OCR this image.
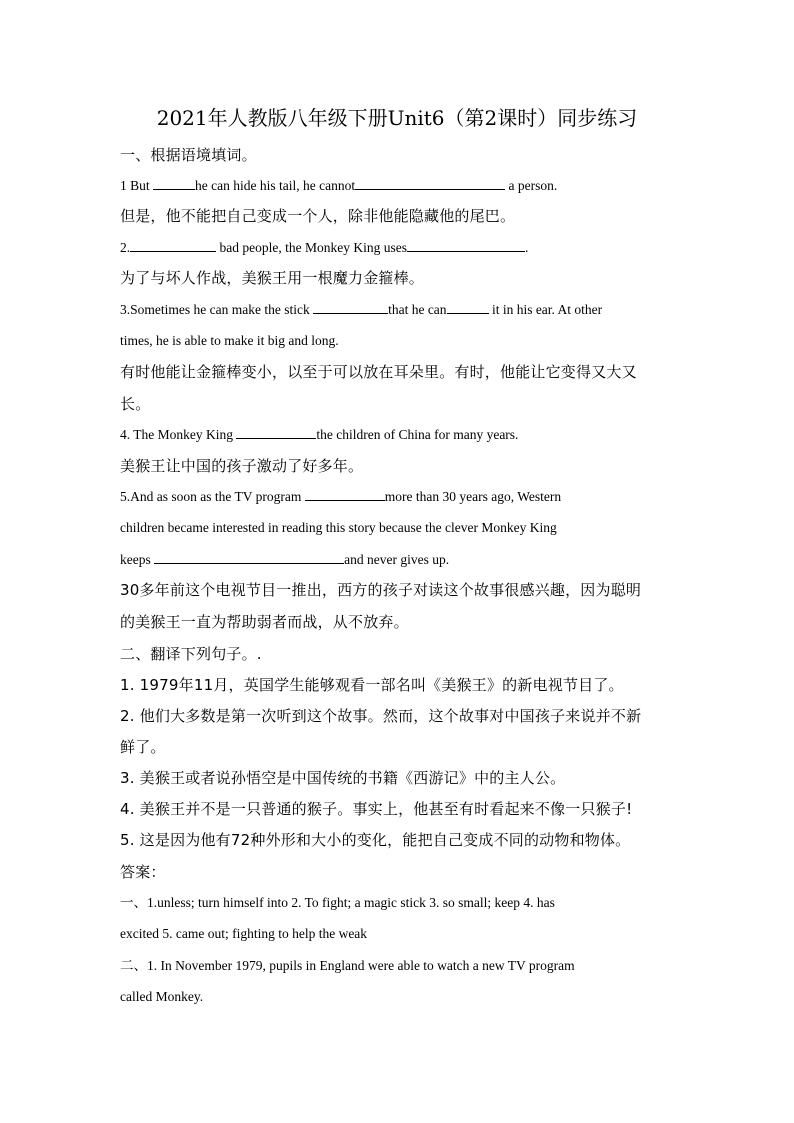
2021年人教版八年级下册Unit6（第2课时）同步练习
一、根据语境填词。
1 But	he can hide his tail, he cannot	a person.
但是，他不能把自己变成一个人，除非他能隐藏他的尾巴。
2.	bad people, the Monkey King uses	.
为了与坏人作战，美猴王用一根魔力金箍棒。
3.Sometimes he can make the stick	that he can	it in his ear. At other
times, he is able to make it big and long.
有时他能让金箍棒变小，以至于可以放在耳朵里。有时，他能让它变得又大又
长。
4. The Monkey King	the children of China for many years.
美猴王让中国的孩子激动了好多年。
5.And as soon as the TV program	more than 30 years ago, Western
children became interested in reading this story because the clever Monkey King
keeps	and never gives up.
30多年前这个电视节目一推出，西方的孩子对读这个故事很感兴趣，因为聪明
的美猴王一直为帮助弱者而战，从不放弃。
二、翻译下列句子。.
1. 1979年11月，英国学生能够观看一部名叫《美猴王》的新电视节目了。
2. 他们大多数是第一次听到这个故事。然而，这个故事对中国孩子来说并不新
鲜了。
3. 美猴王或者说孙悟空是中国传统的书籍《西游记》中的主人公。
4. 美猴王并不是一只普通的猴子。事实上，他甚至有时看起来不像一只猴子!
5. 这是因为他有72种外形和大小的变化，能把自己变成不同的动物和物体。
答案：
一、1.unless; turn himself into 2. To fight; a magic stick 3. so small; keep 4. has
excited 5. came out; fighting to help the weak
二、1. In November 1979, pupils in England were able to watch a new TV program
called Monkey.
